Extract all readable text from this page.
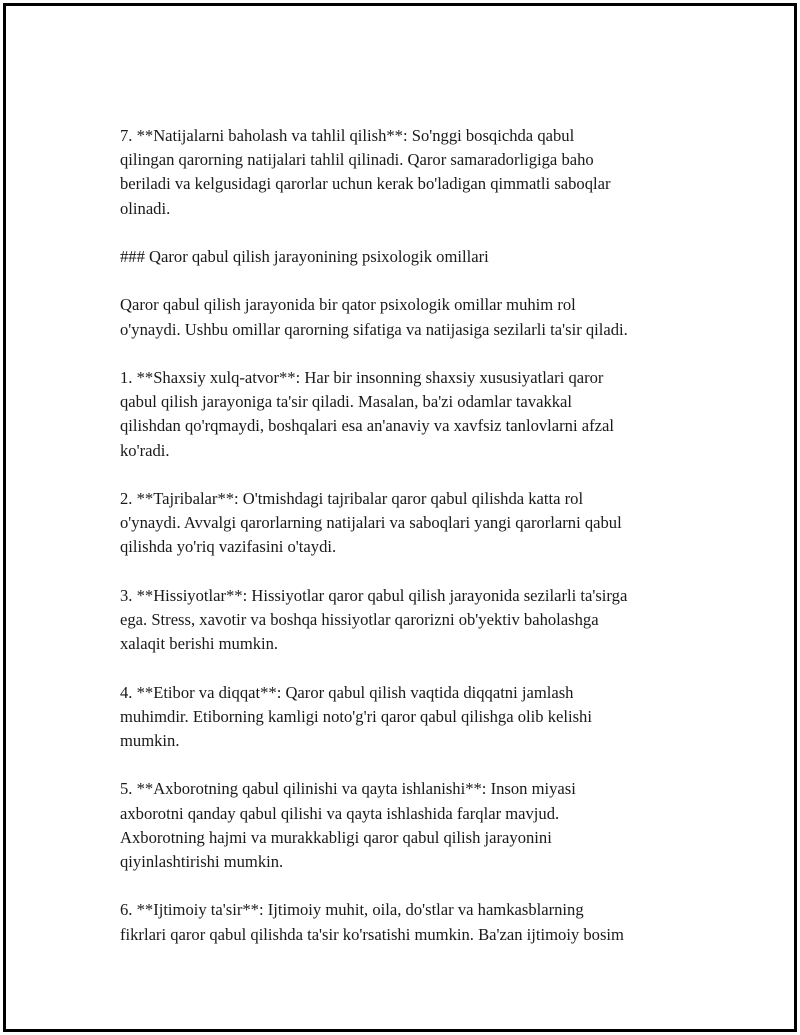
7. **Natijalarni baholash va tahlil qilish**: So'nggi bosqichda qabul
qilingan qarorning natijalari tahlil qilinadi. Qaror samaradorligiga baho
beriladi va kelgusidagi qarorlar uchun kerak bo'ladigan qimmatli saboqlar
olinadi.

### Qaror qabul qilish jarayonining psixologik omillari

Qaror qabul qilish jarayonida bir qator psixologik omillar muhim rol
o'ynaydi. Ushbu omillar qarorning sifatiga va natijasiga sezilarli ta'sir qiladi.

1. **Shaxsiy xulq-atvor**: Har bir insonning shaxsiy xususiyatlari qaror
qabul qilish jarayoniga ta'sir qiladi. Masalan, ba'zi odamlar tavakkal
qilishdan qo'rqmaydi, boshqalari esa an'anaviy va xavfsiz tanlovlarni afzal
ko'radi.

2. **Tajribalar**: O'tmishdagi tajribalar qaror qabul qilishda katta rol
o'ynaydi. Avvalgi qarorlarning natijalari va saboqlari yangi qarorlarni qabul
qilishda yo'riq vazifasini o'taydi.

3. **Hissiyotlar**: Hissiyotlar qaror qabul qilish jarayonida sezilarli ta'sirga
ega. Stress, xavotir va boshqa hissiyotlar qarorizni ob'yektiv baholashga
xalaqit berishi mumkin.

4. **Etibor va diqqat**: Qaror qabul qilish vaqtida diqqatni jamlash
muhimdir. Etiborning kamligi noto'g'ri qaror qabul qilishga olib kelishi
mumkin.

5. **Axborotning qabul qilinishi va qayta ishlanishi**: Inson miyasi
axborotni qanday qabul qilishi va qayta ishlashida farqlar mavjud.
Axborotning hajmi va murakkabligi qaror qabul qilish jarayonini
qiyinlashtirishi mumkin.

6. **Ijtimoiy ta'sir**: Ijtimoiy muhit, oila, do'stlar va hamkasblarning
fikrlari qaror qabul qilishda ta'sir ko'rsatishi mumkin. Ba'zan ijtimoiy bosim
